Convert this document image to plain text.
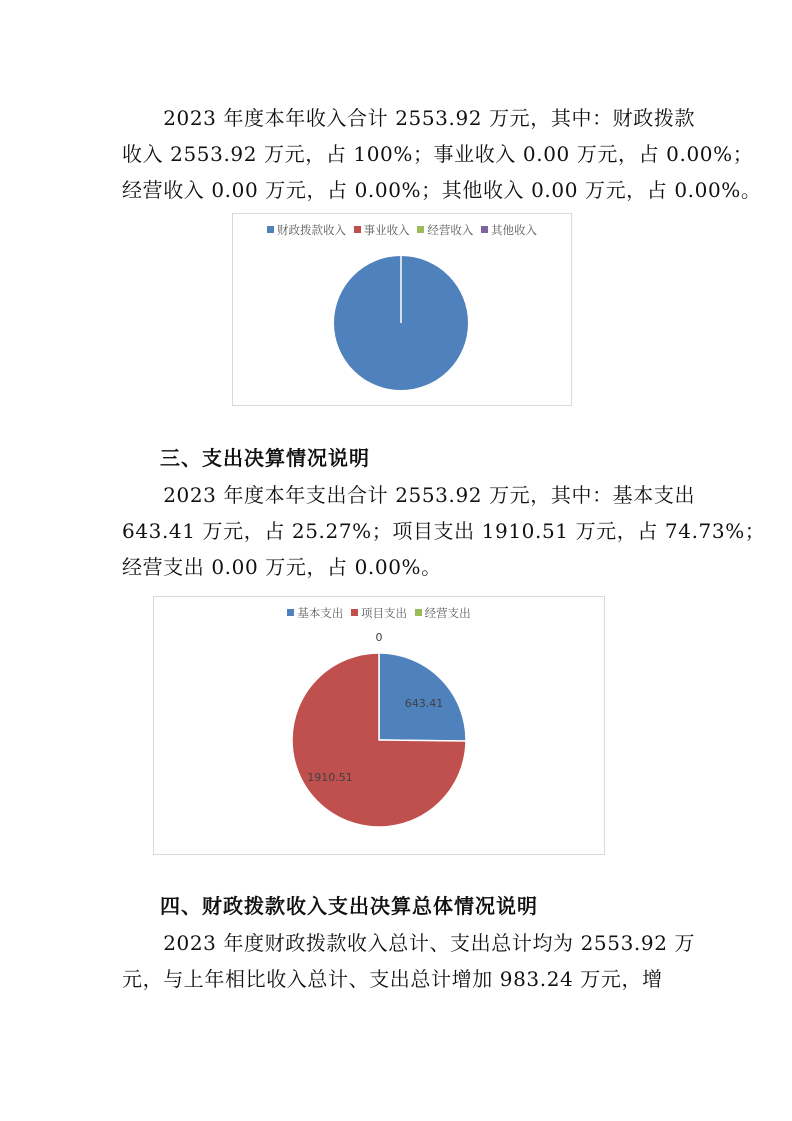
　　2023 年度本年收入合计 2553.92 万元，其中：财政拨款
收入 2553.92 万元，占 100%；事业收入 0.00 万元，占 0.00%；
经营收入 0.00 万元，占 0.00%；其他收入 0.00 万元，占 0.00%。

财政拨款收入 事业收入 经营收入 其他收入
三、支出决算情况说明

　　2023 年度本年支出合计 2553.92 万元，其中：基本支出
643.41 万元，占 25.27%；项目支出 1910.51 万元，占 74.73%；
经营支出 0.00 万元，占 0.00%。

基本支出 项目支出 经营支出
643.41
1910.51
0
四、财政拨款收入支出决算总体情况说明

　　2023 年度财政拨款收入总计、支出总计均为 2553.92 万
元，与上年相比收入总计、支出总计增加 983.24 万元，增
